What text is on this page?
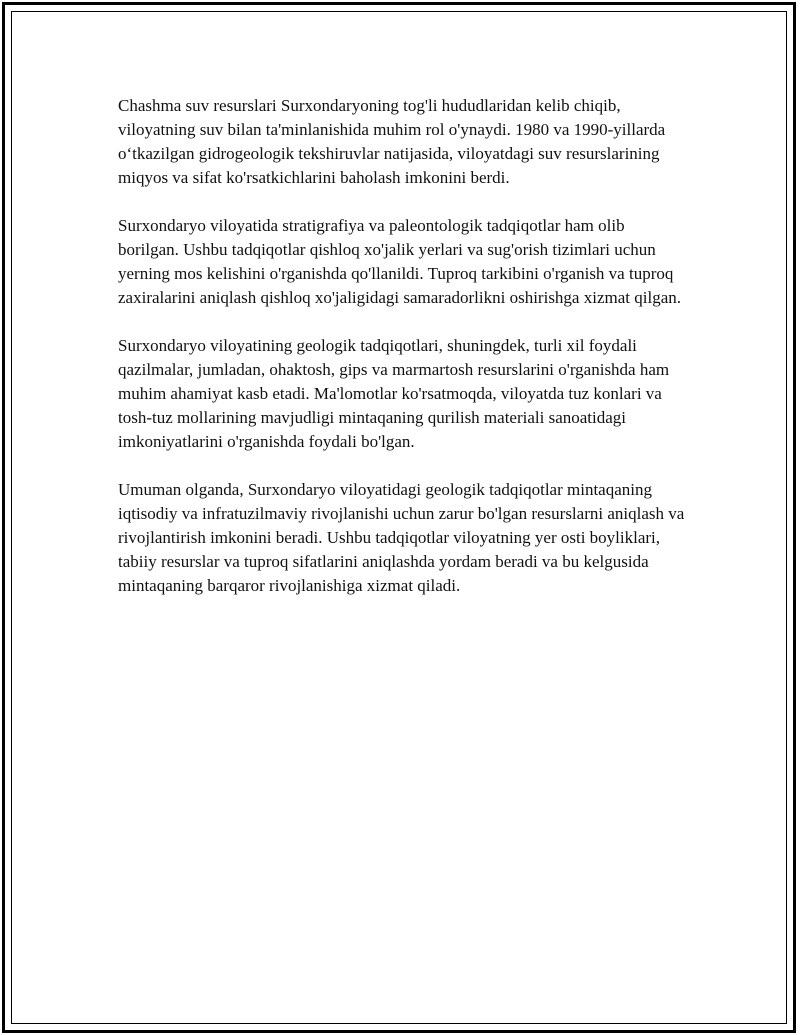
Chashma suv resurslari Surxondaryoning tog'li hududlaridan kelib chiqib, viloyatning suv bilan ta'minlanishida muhim rol o'ynaydi. 1980 va 1990-yillarda o‘tkazilgan gidrogeologik tekshiruvlar natijasida, viloyatdagi suv resurslarining miqyos va sifat ko'rsatkichlarini baholash imkonini berdi.

Surxondaryo viloyatida stratigrafiya va paleontologik tadqiqotlar ham olib borilgan. Ushbu tadqiqotlar qishloq xo'jalik yerlari va sug'orish tizimlari uchun yerning mos kelishini o'rganishda qo'llanildi. Tuproq tarkibini o'rganish va tuproq zaxiralarini aniqlash qishloq xo'jaligidagi samaradorlikni oshirishga xizmat qilgan.

Surxondaryo viloyatining geologik tadqiqotlari, shuningdek, turli xil foydali qazilmalar, jumladan, ohaktosh, gips va marmartosh resurslarini o'rganishda ham muhim ahamiyat kasb etadi. Ma'lomotlar ko'rsatmoqda, viloyatda tuz konlari va tosh-tuz mollarining mavjudligi mintaqaning qurilish materiali sanoatidagi imkoniyatlarini o'rganishda foydali bo'lgan.

Umuman olganda, Surxondaryo viloyatidagi geologik tadqiqotlar mintaqaning iqtisodiy va infratuzilmaviy rivojlanishi uchun zarur bo'lgan resurslarni aniqlash va rivojlantirish imkonini beradi. Ushbu tadqiqotlar viloyatning yer osti boyliklari, tabiiy resurslar va tuproq sifatlarini aniqlashda yordam beradi va bu kelgusida mintaqaning barqaror rivojlanishiga xizmat qiladi.
